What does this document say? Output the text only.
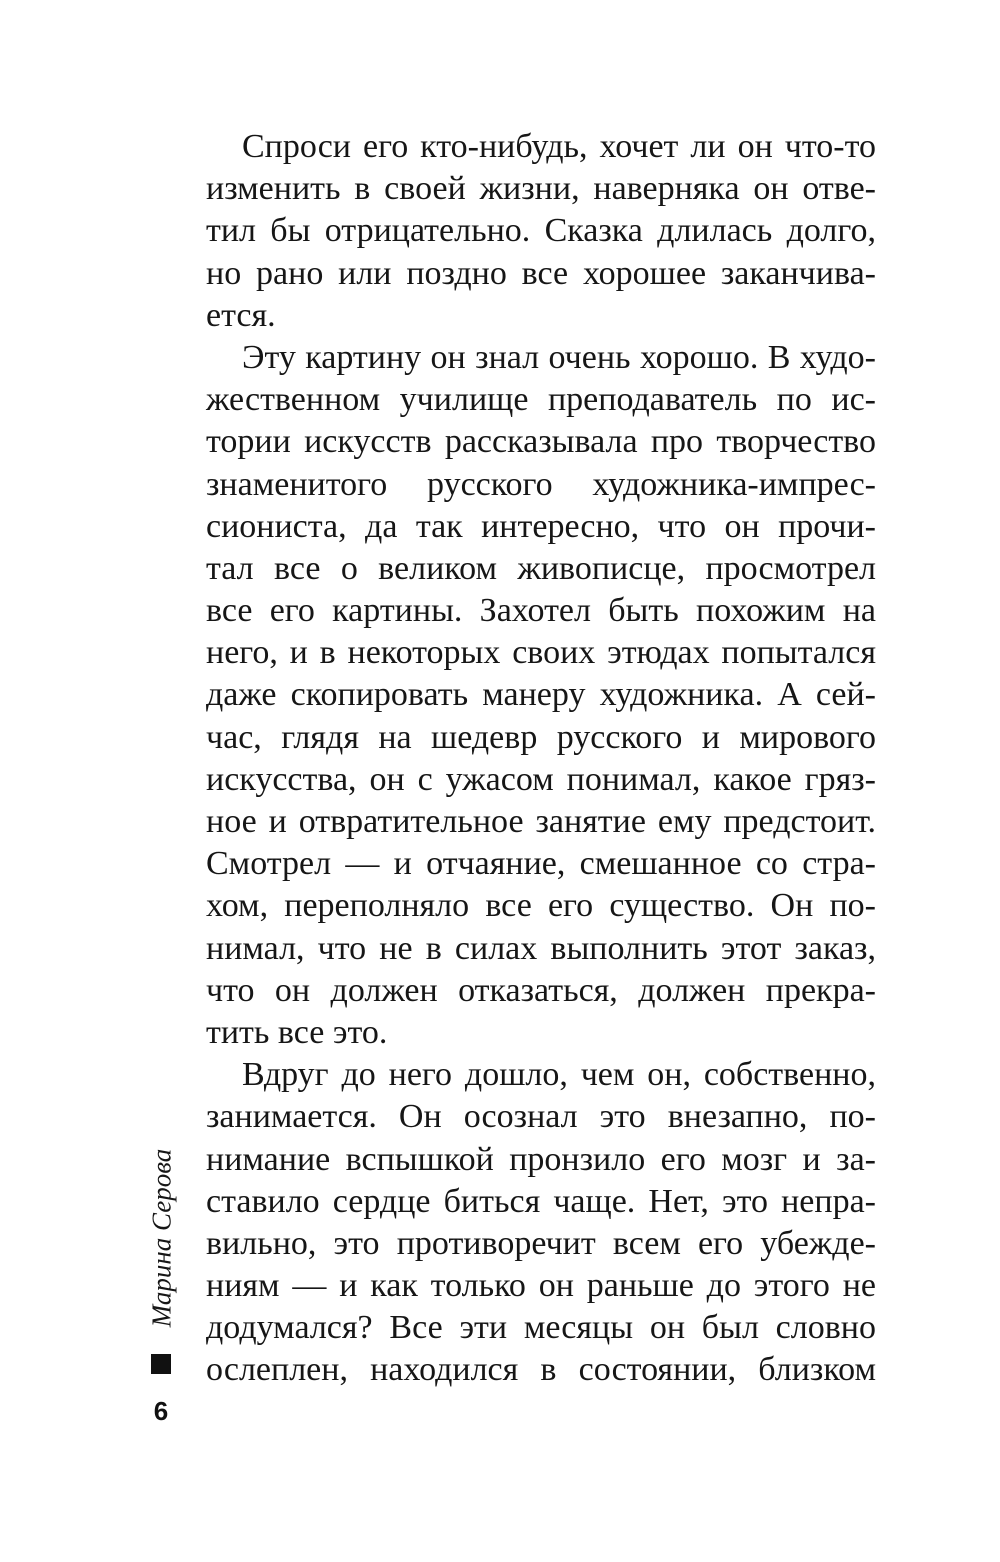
Спроси его кто-нибудь, хочет ли он что-то
изменить в своей жизни, наверняка он отве-
тил бы отрицательно. Сказка длилась долго,
но рано или поздно все хорошее заканчива-
ется.
Эту картину он знал очень хорошо. В худо-
жественном училище преподаватель по ис-
тории искусств рассказывала про творчество
знаменитого русского художника-импрес-
сиониста, да так интересно, что он прочи-
тал все о великом живописце, просмотрел
все его картины. Захотел быть похожим на
него, и в некоторых своих этюдах попытался
даже скопировать манеру художника. А сей-
час, глядя на шедевр русского и мирового
искусства, он с ужасом понимал, какое гряз-
ное и отвратительное занятие ему предстоит.
Смотрел — и отчаяние, смешанное со стра-
хом, переполняло все его существо. Он по-
нимал, что не в силах выполнить этот заказ,
что он должен отказаться, должен прекра-
тить все это.
Вдруг до него дошло, чем он, собственно,
занимается. Он осознал это внезапно, по-
нимание вспышкой пронзило его мозг и за-
ставило сердце биться чаще. Нет, это непра-
вильно, это противоречит всем его убежде-
ниям — и как только он раньше до этого не
додумался? Все эти месяцы он был словно
ослеплен, находился в состоянии, близком
Марина Серова
6
